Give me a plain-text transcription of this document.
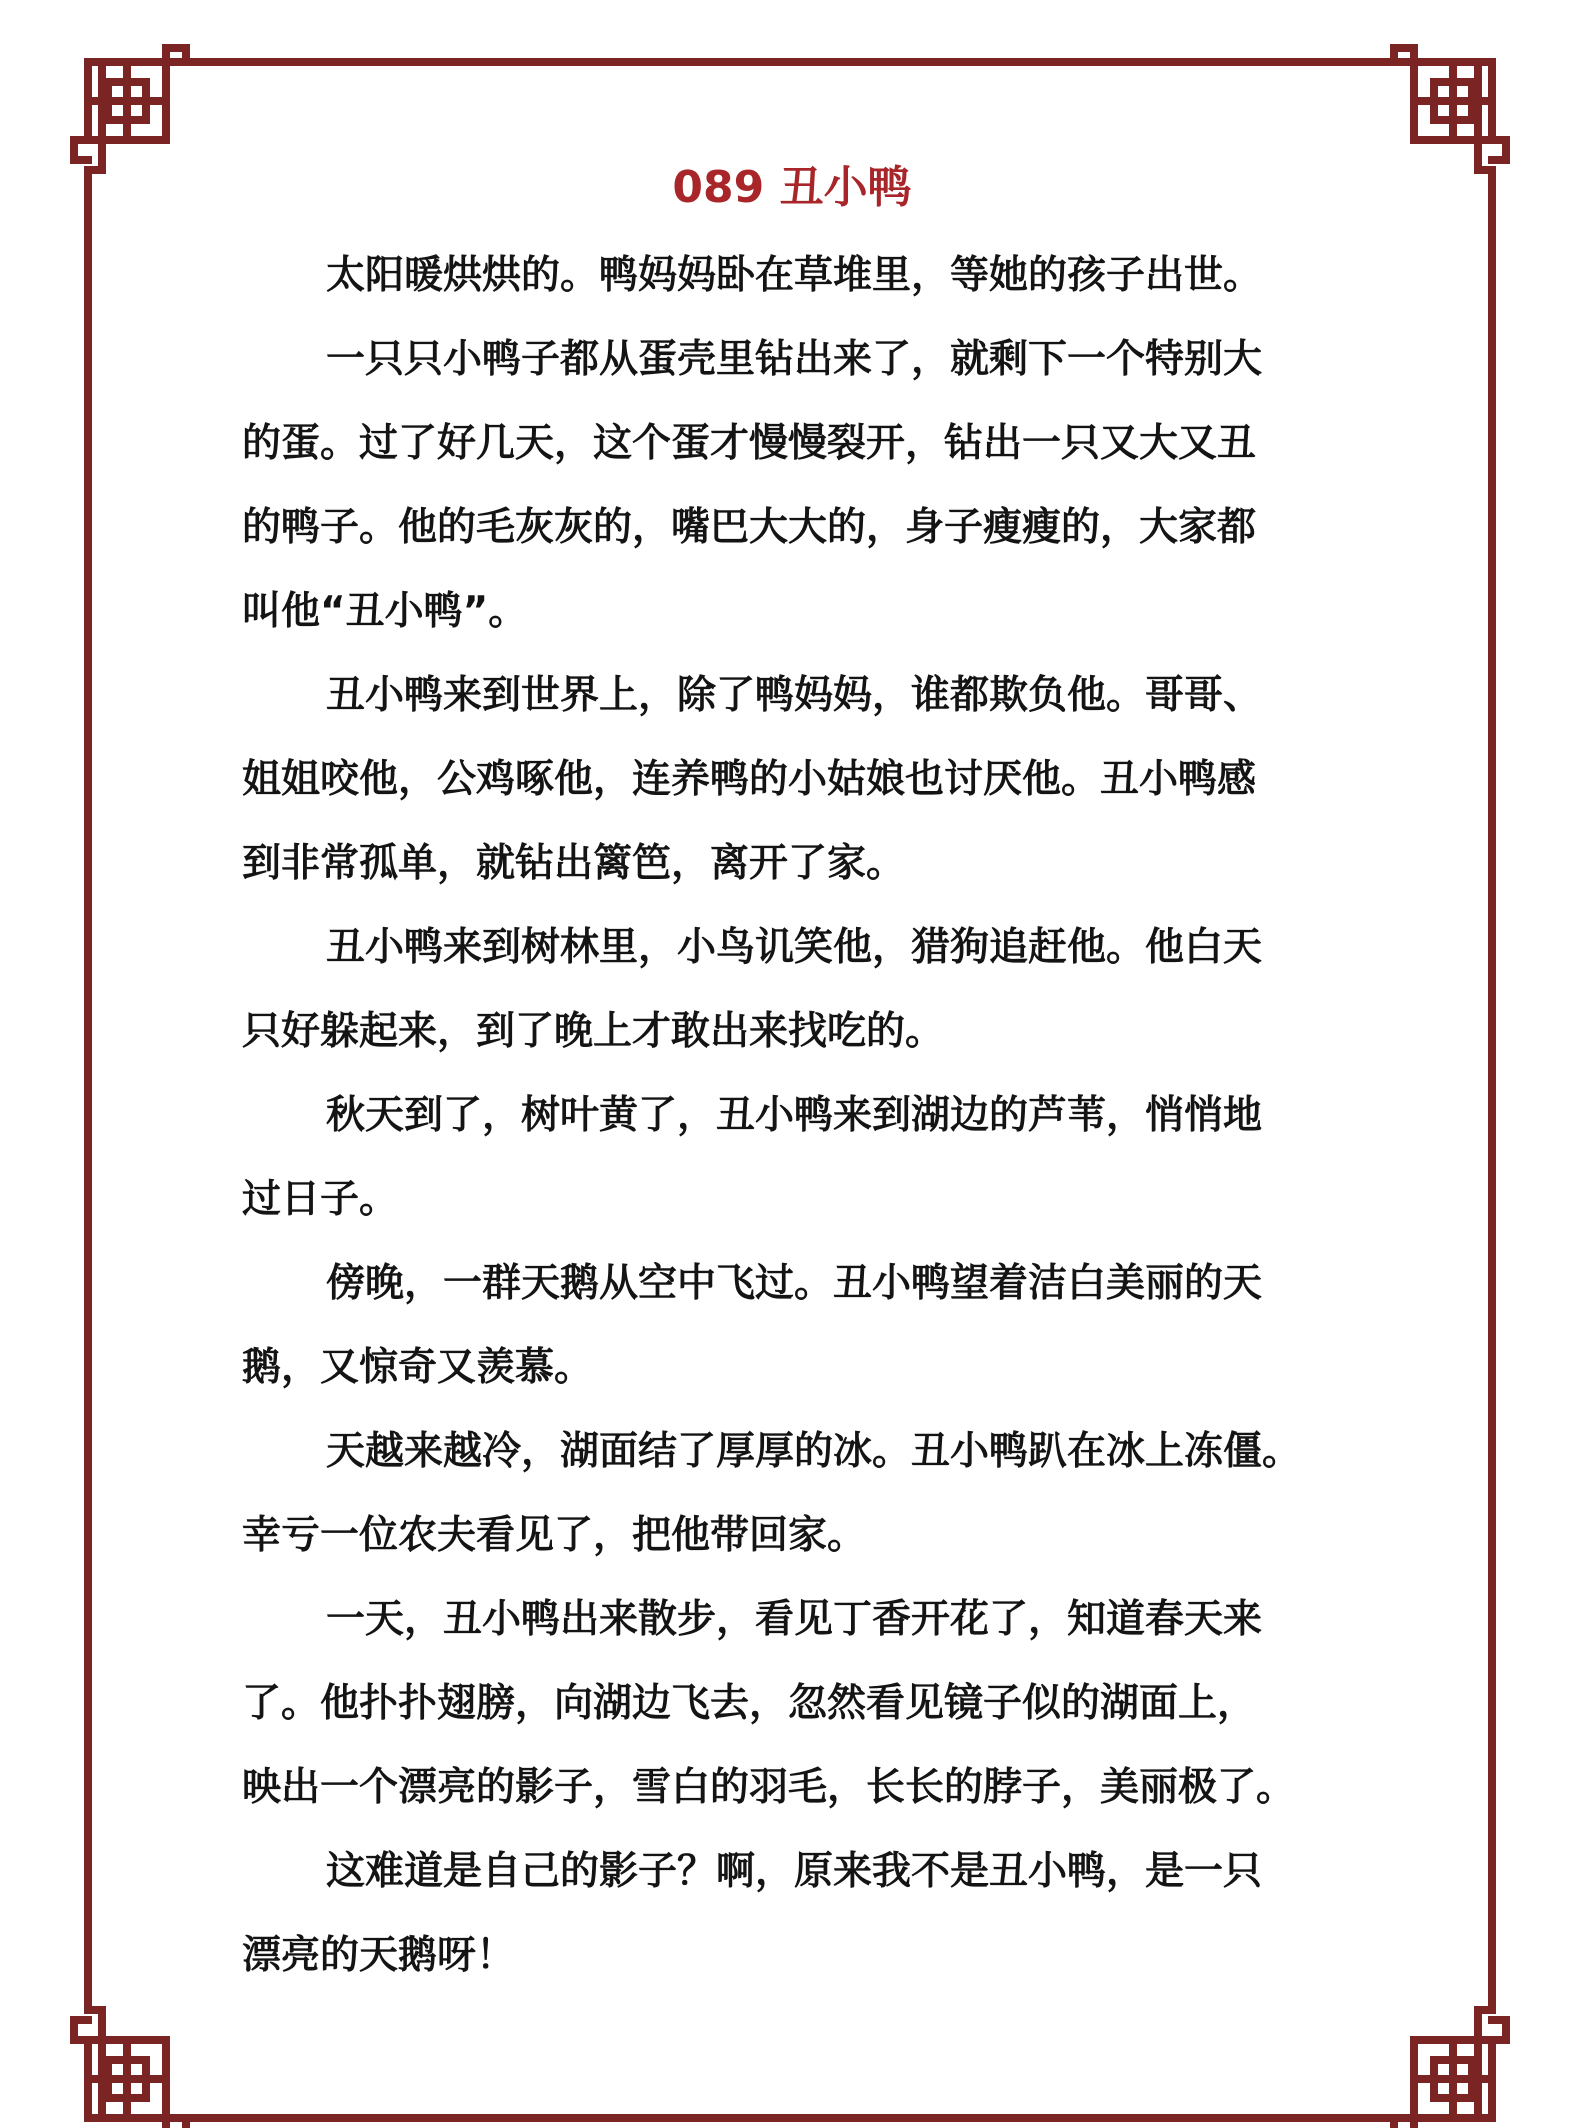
089 丑小鸭
太阳暖烘烘的。鸭妈妈卧在草堆里，等她的孩子出世。
一只只小鸭子都从蛋壳里钻出来了，就剩下一个特别大
的蛋。过了好几天，这个蛋才慢慢裂开，钻出一只又大又丑
的鸭子。他的毛灰灰的，嘴巴大大的，身子瘦瘦的，大家都
叫他“丑小鸭”。
丑小鸭来到世界上，除了鸭妈妈，谁都欺负他。哥哥、
姐姐咬他，公鸡啄他，连养鸭的小姑娘也讨厌他。丑小鸭感
到非常孤单，就钻出篱笆，离开了家。
丑小鸭来到树林里，小鸟讥笑他，猎狗追赶他。他白天
只好躲起来，到了晚上才敢出来找吃的。
秋天到了，树叶黄了，丑小鸭来到湖边的芦苇，悄悄地
过日子。
傍晚，一群天鹅从空中飞过。丑小鸭望着洁白美丽的天
鹅，又惊奇又羡慕。
天越来越冷，湖面结了厚厚的冰。丑小鸭趴在冰上冻僵。
幸亏一位农夫看见了，把他带回家。
一天，丑小鸭出来散步，看见丁香开花了，知道春天来
了。他扑扑翅膀，向湖边飞去，忽然看见镜子似的湖面上，
映出一个漂亮的影子，雪白的羽毛，长长的脖子，美丽极了。
这难道是自己的影子？啊，原来我不是丑小鸭，是一只
漂亮的天鹅呀！
